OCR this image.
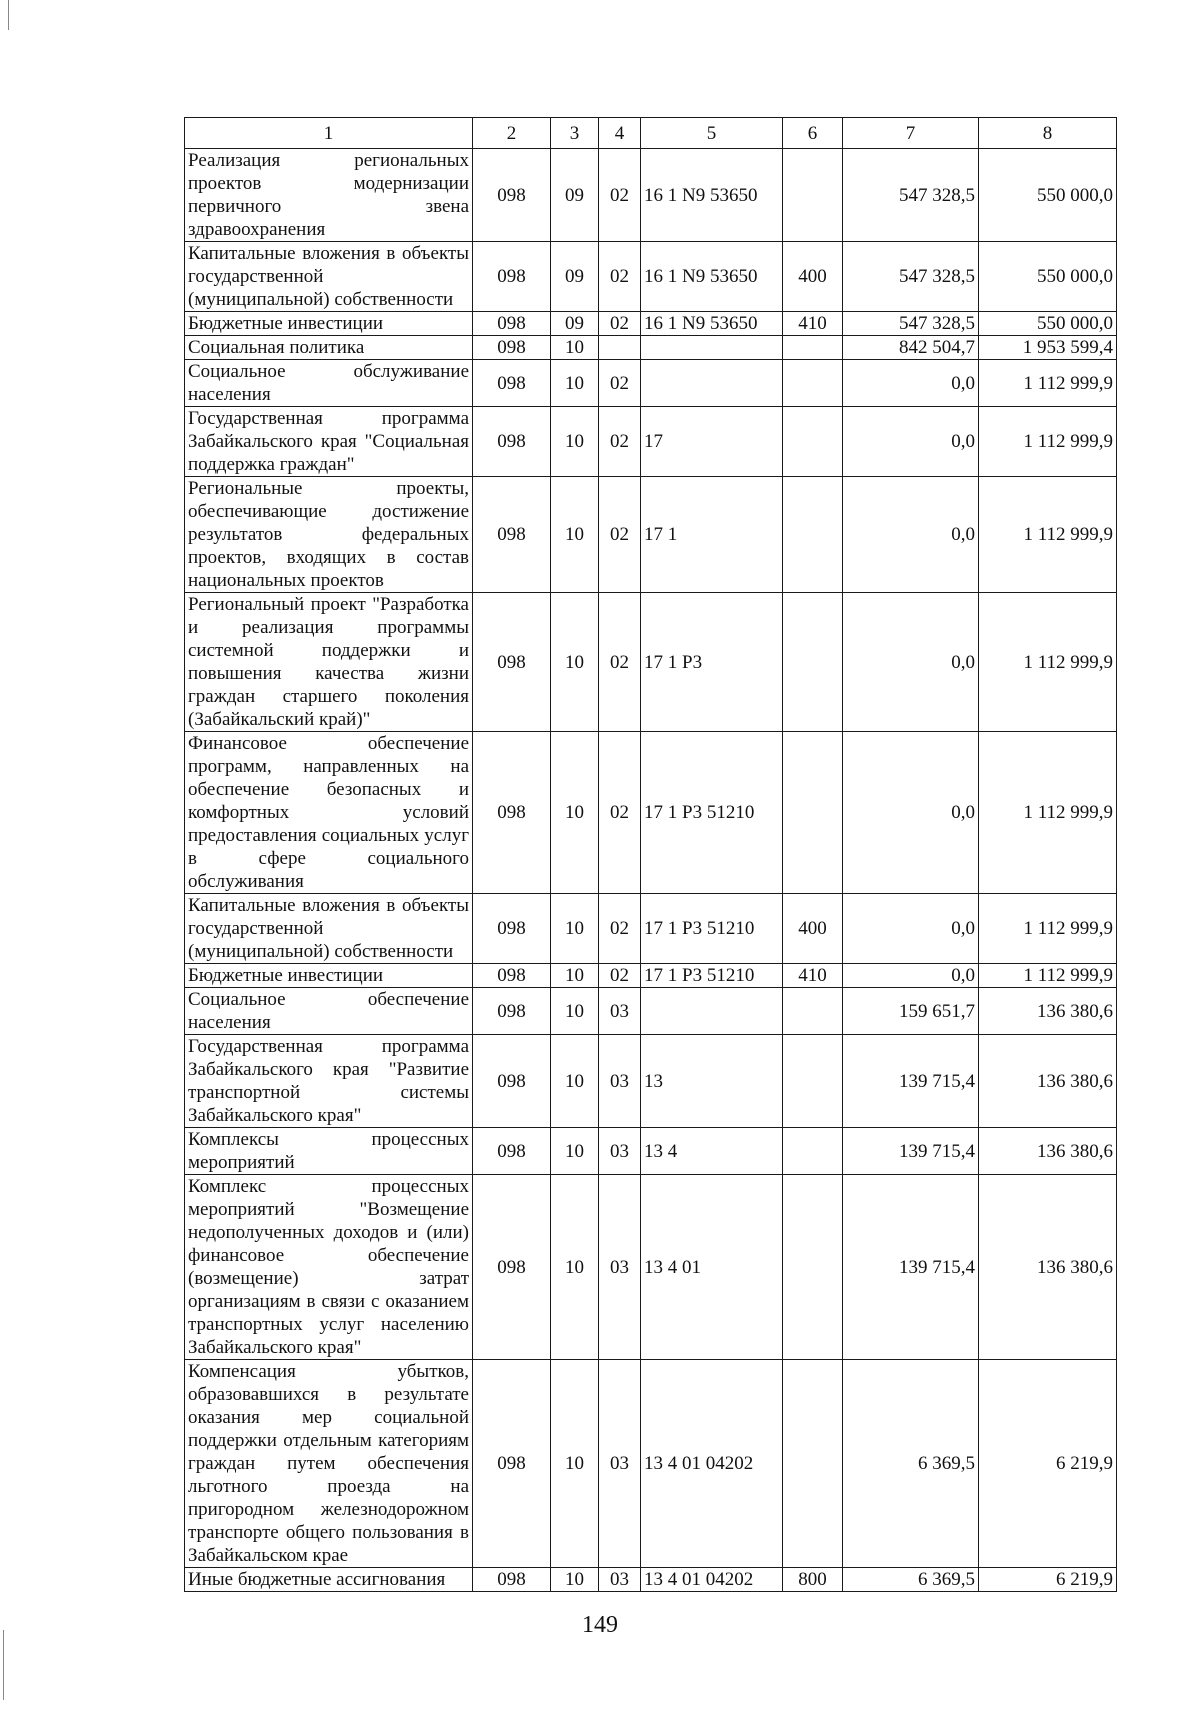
1	2	3	4	5	6	7	8
Реализация региональных проектов модернизации первичного звена здравоохранения	098	09	02	16 1 N9 53650		547 328,5	550 000,0
Капитальные вложения в объекты государственной (муниципальной) собственности	098	09	02	16 1 N9 53650	400	547 328,5	550 000,0
Бюджетные инвестиции	098	09	02	16 1 N9 53650	410	547 328,5	550 000,0
Социальная политика	098	10				842 504,7	1 953 599,4
Социальное обслуживание населения	098	10	02			0,0	1 112 999,9
Государственная программа Забайкальского края "Социальная поддержка граждан"	098	10	02	17		0,0	1 112 999,9
Региональные проекты, обеспечивающие достижение результатов федеральных проектов, входящих в состав национальных проектов	098	10	02	17 1		0,0	1 112 999,9
Региональный проект "Разработка и реализация программы системной поддержки и повышения качества жизни граждан старшего поколения (Забайкальский край)"	098	10	02	17 1 P3		0,0	1 112 999,9
Финансовое обеспечение программ, направленных на обеспечение безопасных и комфортных условий предоставления социальных услуг в сфере социального обслуживания	098	10	02	17 1 P3 51210		0,0	1 112 999,9
Капитальные вложения в объекты государственной (муниципальной) собственности	098	10	02	17 1 P3 51210	400	0,0	1 112 999,9
Бюджетные инвестиции	098	10	02	17 1 P3 51210	410	0,0	1 112 999,9
Социальное обеспечение населения	098	10	03			159 651,7	136 380,6
Государственная программа Забайкальского края "Развитие транспортной системы Забайкальского края"	098	10	03	13		139 715,4	136 380,6
Комплексы процессных мероприятий	098	10	03	13 4		139 715,4	136 380,6
Комплекс процессных мероприятий "Возмещение недополученных доходов и (или) финансовое обеспечение (возмещение) затрат организациям в связи с оказанием транспортных услуг населению Забайкальского края"	098	10	03	13 4 01		139 715,4	136 380,6
Компенсация убытков, образовавшихся в результате оказания мер социальной поддержки отдельным категориям граждан путем обеспечения льготного проезда на пригородном железнодорожном транспорте общего пользования в Забайкальском крае	098	10	03	13 4 01 04202		6 369,5	6 219,9
Иные бюджетные ассигнования	098	10	03	13 4 01 04202	800	6 369,5	6 219,9
149
